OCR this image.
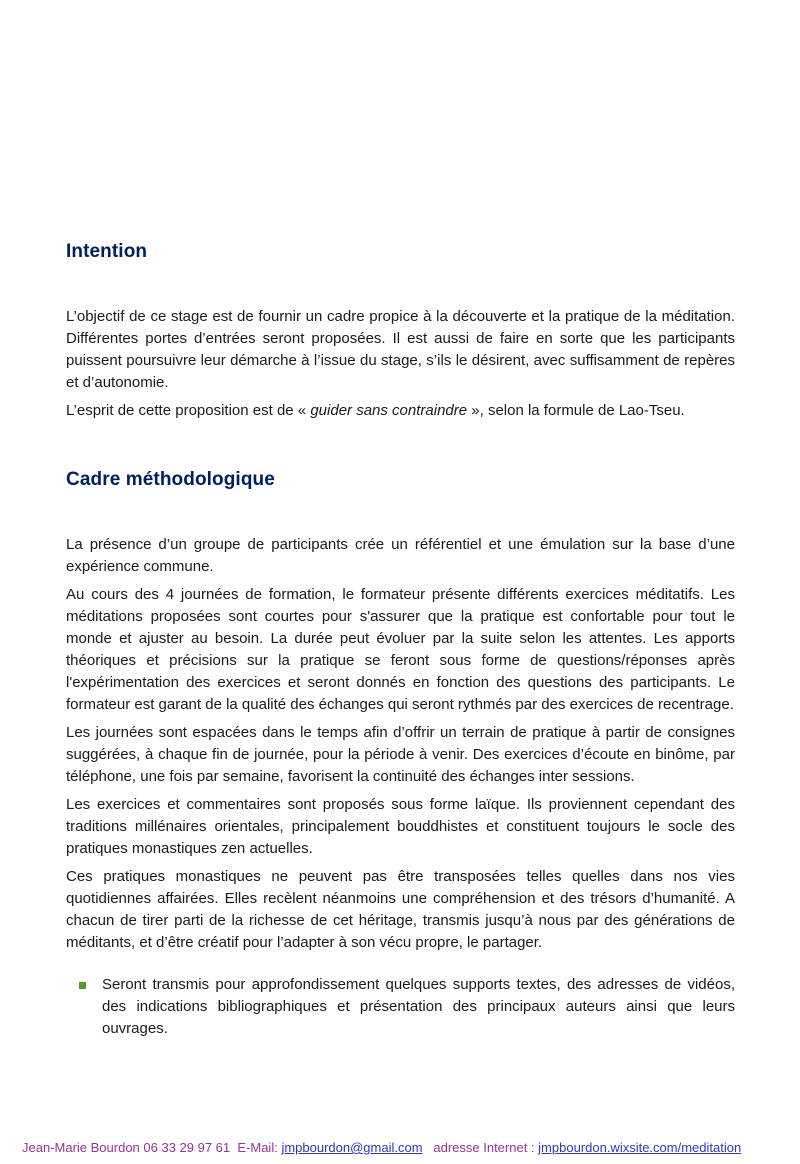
Intention

L’objectif de ce stage est de fournir un cadre propice à la découverte et la pratique de la méditation. Différentes portes d’entrées seront proposées. Il est aussi de faire en sorte que les participants puissent poursuivre leur démarche à l’issue du stage, s’ils le désirent, avec suffisamment de repères et d’autonomie.

L’esprit de cette proposition est de « guider sans contraindre », selon la formule de Lao-Tseu.

Cadre méthodologique

La présence d’un groupe de participants crée un référentiel et une émulation sur la base d’une expérience commune.

Au cours des 4 journées de formation, le formateur présente différents exercices méditatifs. Les méditations proposées sont courtes pour s'assurer que la pratique est confortable pour tout le monde et ajuster au besoin. La durée peut évoluer par la suite selon les attentes. Les apports théoriques et précisions sur la pratique se feront sous forme de questions/réponses après l'expérimentation des exercices et seront donnés en fonction des questions des participants. Le formateur est garant de la qualité des échanges qui seront rythmés par des exercices de recentrage.

Les journées sont espacées dans le temps afin d’offrir un terrain de pratique à partir de consignes suggérées, à chaque fin de journée, pour la période à venir. Des exercices d’écoute en binôme, par téléphone, une fois par semaine, favorisent la continuité des échanges inter sessions.

Les exercices et commentaires sont proposés sous forme laïque. Ils proviennent cependant des traditions millénaires orientales, principalement bouddhistes et constituent toujours le socle des pratiques monastiques zen actuelles.

Ces pratiques monastiques ne peuvent pas être transposées telles quelles dans nos vies quotidiennes affairées. Elles recèlent néanmoins une compréhension et des trésors d’humanité. A chacun de tirer parti de la richesse de cet héritage, transmis jusqu’à nous par des générations de méditants, et d’être créatif pour l’adapter à son vécu propre, le partager.

Seront transmis pour approfondissement quelques supports textes, des adresses de vidéos, des indications bibliographiques et présentation des principaux auteurs ainsi que leurs ouvrages.
Jean-Marie Bourdon 06 33 29 97 61  E-Mail: jmpbourdon@gmail.com   adresse Internet : jmpbourdon.wixsite.com/meditation
